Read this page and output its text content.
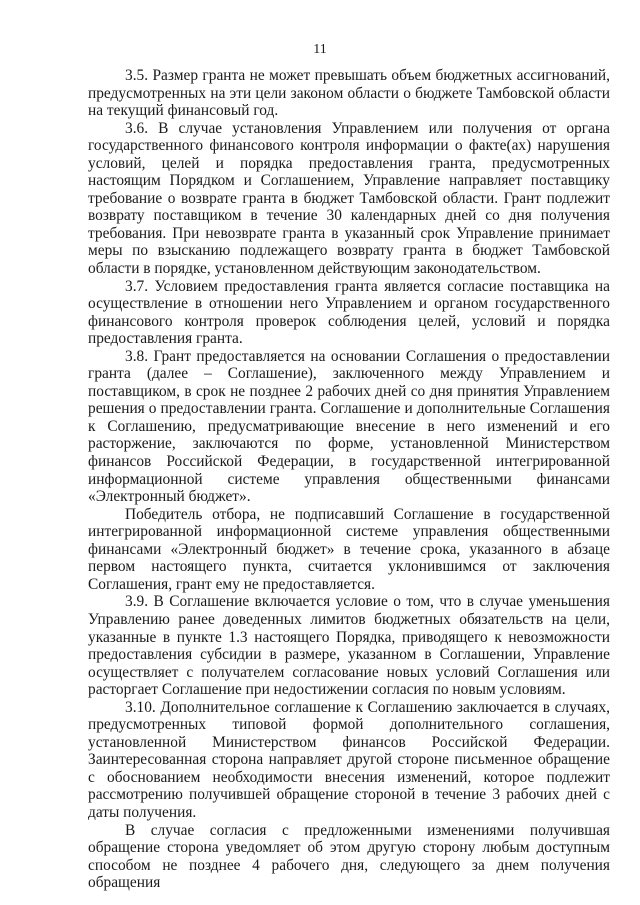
11

3.5. Размер гранта не может превышать объем бюджетных ассигнований, предусмотренных на эти цели законом области о бюджете Тамбовской области на текущий финансовый год.

3.6. В случае установления Управлением или получения от органа государственного финансового контроля информации о факте(ах) нарушения условий, целей и порядка предоставления гранта, предусмотренных настоящим Порядком и Соглашением, Управление направляет поставщику требование о возврате гранта в бюджет Тамбовской области. Грант подлежит возврату поставщиком в течение 30 календарных дней со дня получения требования. При невозврате гранта в указанный срок Управление принимает меры по взысканию подлежащего возврату гранта в бюджет Тамбовской области в порядке, установленном действующим законодательством.

3.7. Условием предоставления гранта является согласие поставщика на осуществление в отношении него Управлением и органом государственного финансового контроля проверок соблюдения целей, условий и порядка предоставления гранта.

3.8. Грант предоставляется на основании Соглашения о предоставлении гранта (далее – Соглашение), заключенного между Управлением и поставщиком, в срок не позднее 2 рабочих дней со дня принятия Управлением решения о предоставлении гранта. Соглашение и дополнительные Соглашения к Соглашению, предусматривающие внесение в него изменений и его расторжение, заключаются по форме, установленной Министерством финансов Российской Федерации, в государственной интегрированной информационной системе управления общественными финансами «Электронный бюджет».

Победитель отбора, не подписавший Соглашение в государственной интегрированной информационной системе управления общественными финансами «Электронный бюджет» в течение срока, указанного в абзаце первом настоящего пункта, считается уклонившимся от заключения Соглашения, грант ему не предоставляется.

3.9. В Соглашение включается условие о том, что в случае уменьшения Управлению ранее доведенных лимитов бюджетных обязательств на цели, указанные в пункте 1.3 настоящего Порядка, приводящего к невозможности предоставления субсидии в размере, указанном в Соглашении, Управление осуществляет с получателем согласование новых условий Соглашения или расторгает Соглашение при недостижении согласия по новым условиям.

3.10. Дополнительное соглашение к Соглашению заключается в случаях, предусмотренных типовой формой дополнительного соглашения, установленной Министерством финансов Российской Федерации. Заинтересованная сторона направляет другой стороне письменное обращение с обоснованием необходимости внесения изменений, которое подлежит рассмотрению получившей обращение стороной в течение 3 рабочих дней с даты получения.

В случае согласия с предложенными изменениями получившая обращение сторона уведомляет об этом другую сторону любым доступным способом не позднее 4 рабочего дня, следующего за днем получения обращения
